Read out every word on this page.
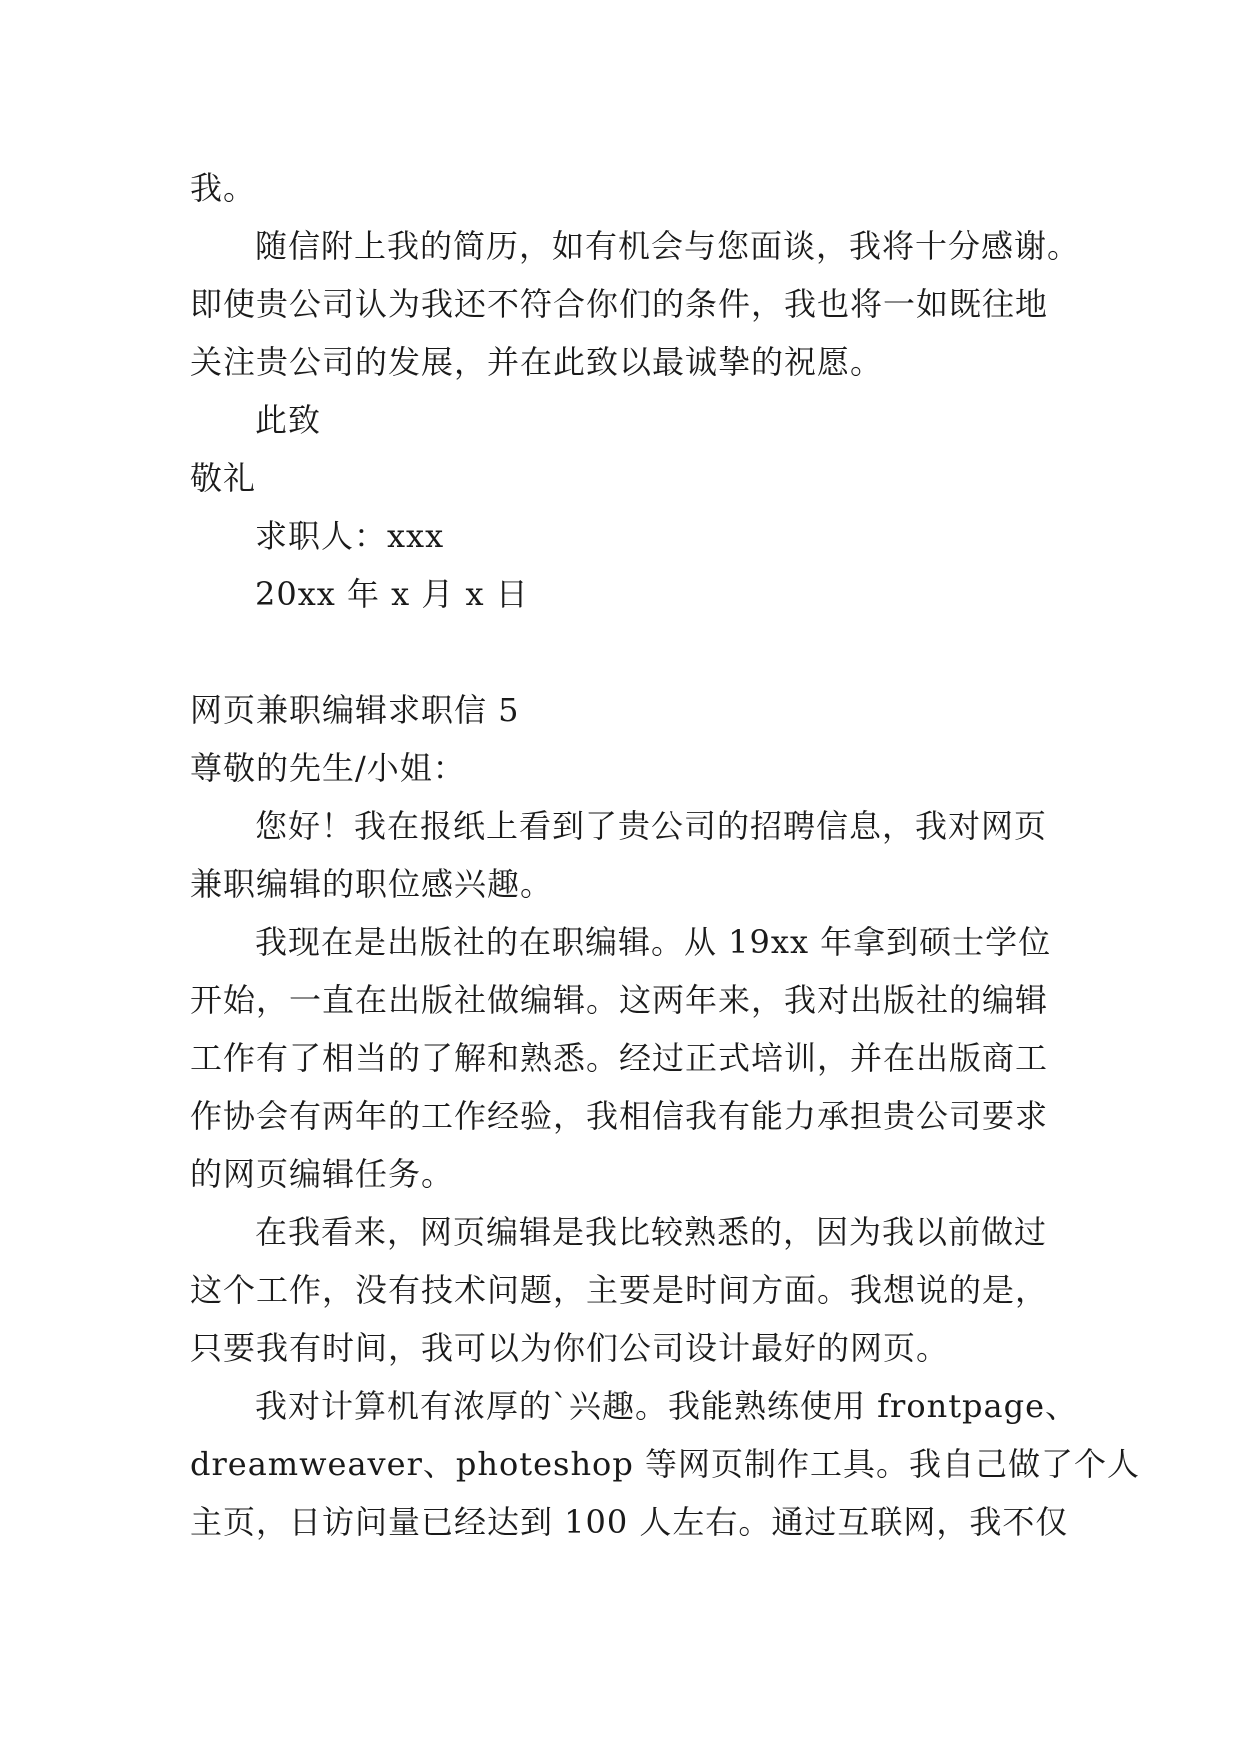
我。
随信附上我的简历，如有机会与您面谈，我将十分感谢。
即使贵公司认为我还不符合你们的条件，我也将一如既往地
关注贵公司的发展，并在此致以最诚挚的祝愿。
此致
敬礼
求职人：xxx
20xx 年 x 月 x 日
网页兼职编辑求职信 5
尊敬的先生/小姐：
您好！我在报纸上看到了贵公司的招聘信息，我对网页
兼职编辑的职位感兴趣。
我现在是出版社的在职编辑。从 19xx 年拿到硕士学位
开始，一直在出版社做编辑。这两年来，我对出版社的编辑
工作有了相当的了解和熟悉。经过正式培训，并在出版商工
作协会有两年的工作经验，我相信我有能力承担贵公司要求
的网页编辑任务。
在我看来，网页编辑是我比较熟悉的，因为我以前做过
这个工作，没有技术问题，主要是时间方面。我想说的是，
只要我有时间，我可以为你们公司设计最好的网页。
我对计算机有浓厚的`兴趣。我能熟练使用 frontpage、
dreamweaver、photeshop 等网页制作工具。我自己做了个人
主页，日访问量已经达到 100 人左右。通过互联网，我不仅
